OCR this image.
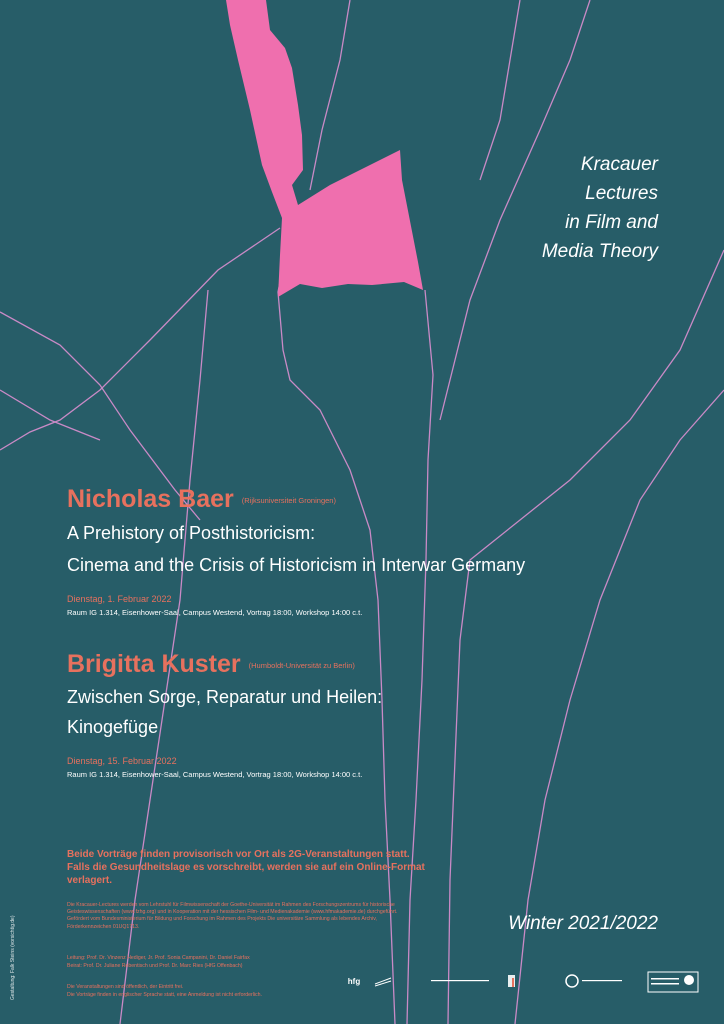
Kracauer
Lectures
in Film and
Media Theory
Nicholas Baer $^{(Rijksuniversiteit Groningen)}$
A Prehistory of Posthistoricism:
Cinema and the Crisis of Historicism in Interwar Germany
Dienstag, 1. Februar 2022
Raum IG 1.314, Eisenhower-Saal, Campus Westend, Vortrag 18:00, Workshop 14:00 c.t.
Brigitta Kuster $^{(Humboldt-Universität zu Berlin)}$
Zwischen Sorge, Reparatur und Heilen:
Kinogefüge
Dienstag, 15. Februar 2022
Raum IG 1.314, Eisenhower-Saal, Campus Westend, Vortrag 18:00, Workshop 14:00 c.t.
Beide Vorträge finden provisorisch vor Ort als 2G-Veranstaltungen statt. Falls die Gesundheitslage es vorschreibt, werden sie auf ein Online-Format verlagert.
Die Kracauer-Lectures werden vom Lehrstuhl für Filmwissenschaft der Goethe-Universität im Rahmen des Forschungszentrums für historische Geisteswissenschaften (www.fzhg.org) und in Kooperation mit der hessischen Film- und Medienakademie (www.hfmakademie.de) durchgeführt. Gefördert vom Bundesministerium für Bildung und Forschung im Rahmen des Projekts Die universitäre Sammlung als lebendes Archiv, Förderkennzeichen 01UQ1713.
Leitung: Prof. Dr. Vinzenz Hediger, Jr. Prof. Sonia Campanini, Dr. Daniel Fairfax
Beirat: Prof. Dr. Juliane Rebentisch und Prof. Dr. Marc Ries (HfG Offenbach)
Die Veranstaltungen sind öffentlich, der Eintritt frei.
Die Vorträge finden in englischer Sprache statt, eine Anmeldung ist nicht erforderlich.
Winter 2021/2022
Gestaltung: Falk Steins (vorsichtig.de)	hfg
